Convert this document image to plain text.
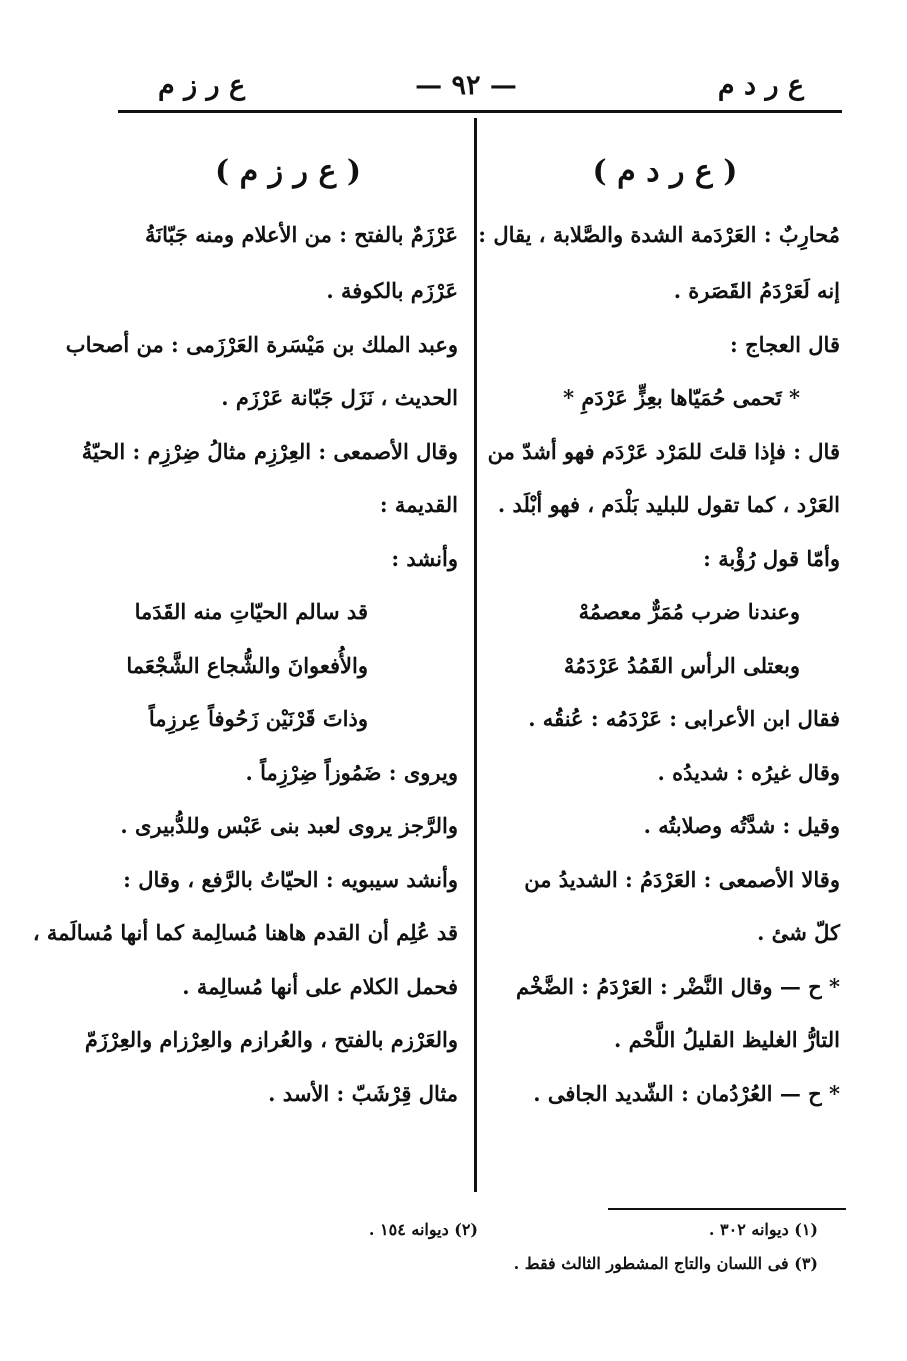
ع ر د م
— ٩٢ —
ع ر ز م
( ع ر د م )
مُحارِبٌ : العَرْدَمة الشدة والصَّلابة ، يقال :
إنه لَعَرْدَمُ القَصَرة .
قال العجاج :
* تَحمى حُمَيّاها بعِزٍّ عَرْدَمِ *
قال : فإذا قلتَ للمَرْد عَرْدَم فهو أشدّ من
العَرْد ، كما تقول للبليد بَلْدَم ، فهو أبْلَد .
وأمّا قول رُؤْبة :
وعندنا ضرب مُمَرٌّ معصمُهْ
وبعتلى الرأس القَمُدُ عَرْدَمُهْ
فقال ابن الأعرابى : عَرْدَمُه : عُنقُه .
وقال غيرُه : شديدُه .
وقيل : شدَّتُه وصلابتُه .
وقالا الأصمعى : العَرْدَمُ : الشديدُ من
كلّ شئ .
* ح — وقال النَّضْر : العَرْدَمُ : الضَّخْم
التارُّ الغليظ القليلُ اللَّحْم .
* ح — العُرْدُمان : الشّديد الجافى .
( ع ر ز م )
عَرْزَمٌ بالفتح : من الأعلام ومنه جَبّانَةُ
عَرْزَم بالكوفة .
وعبد الملك بن مَيْسَرة العَرْزَمى : من أصحاب
الحديث ، نَزَل جَبّانة عَرْزَم .
وقال الأصمعى : العِرْزِم مثالُ ضِرْزِم : الحيّةُ
القديمة :
وأنشد :
قد سالم الحيّاتِ منه القَدَما
والأُفعوانَ والشُّجاع الشَّجْعَما
وذاتَ قَرْنَيْن زَحُوفاً عِرزِماً
ويروى : ضَمُوزاً ضِرْزِماً .
والرَّجز يروى لعبد بنى عَبْس وللدُّبيرى .
وأنشد سيبويه : الحيّاتُ بالرَّفع ، وقال :
قد عُلِم أن القدم هاهنا مُسالِمة كما أنها مُسالَمة ،
فحمل الكلام على أنها مُسالِمة .
والعَرْزم بالفتح ، والعُرازم والعِرْزام والعِرْزَمّ
مثال قِرْشَبّ : الأسد .
(١) ديوانه ٣٠٢ .
(٢) ديوانه ١٥٤ .
(٣) فى اللسان والتاج المشطور الثالث فقط .
